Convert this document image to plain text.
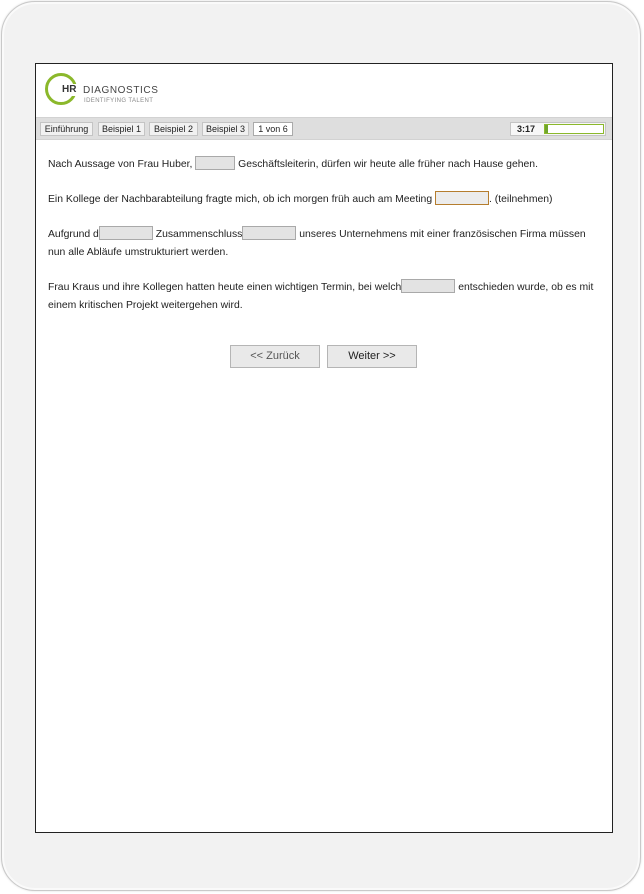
HR DIAGNOSTICS
IDENTIFYING TALENT
Einführung	Beispiel 1	Beispiel 2	Beispiel 3	1 von 6	3:17

Nach Aussage von Frau Huber,	Geschäftsleiterin, dürfen wir heute alle früher nach Hause gehen.

Ein Kollege der Nachbarabteilung fragte mich, ob ich morgen früh auch am Meeting	. (teilnehmen)

Aufgrund d	Zusammenschluss	unseres Unternehmens mit einer französischen Firma müssen nun alle Abläufe umstrukturiert werden.

Frau Kraus und ihre Kollegen hatten heute einen wichtigen Termin, bei welch	entschieden wurde, ob es mit einem kritischen Projekt weitergehen wird.

<< Zurück	Weiter >>
